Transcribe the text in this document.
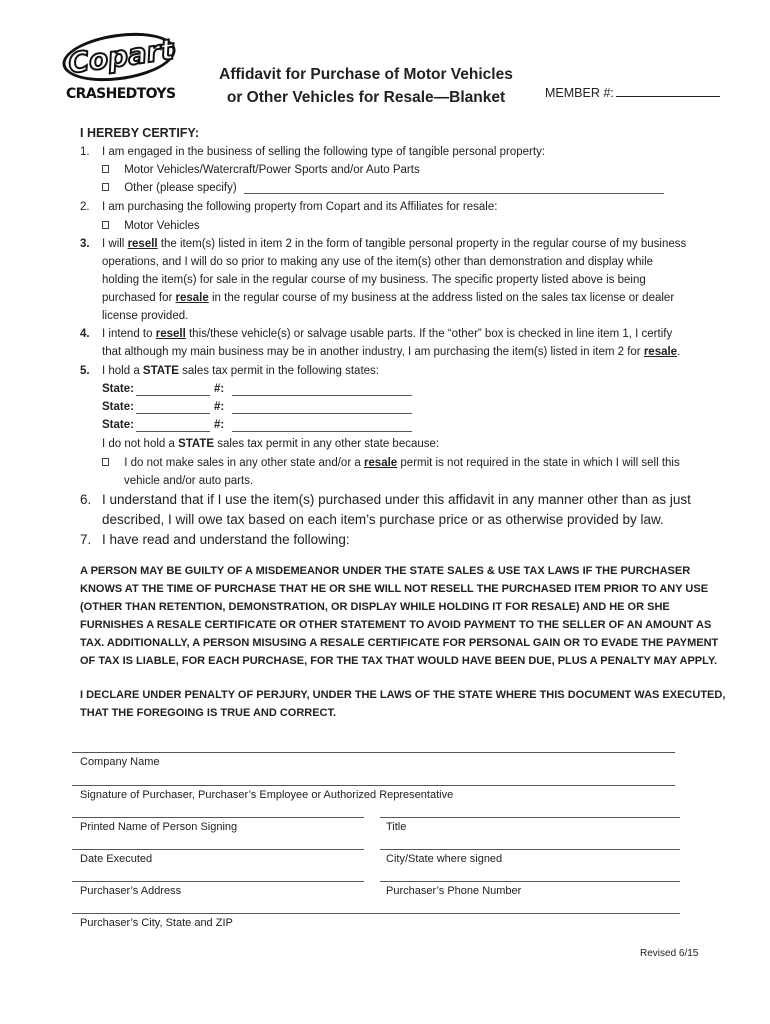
Copart
CRASHEDTOYS
Affidavit for Purchase of Motor Vehicles
or Other Vehicles for Resale—Blanket	MEMBER #:
I HEREBY CERTIFY:
1. I am engaged in the business of selling the following type of tangible personal property:
Motor Vehicles/Watercraft/Power Sports and/or Auto Parts
Other (please specify)
2. I am purchasing the following property from Copart and its Affiliates for resale:
Motor Vehicles
3. I will resell the item(s) listed in item 2 in the form of tangible personal property in the regular course of my business
operations, and I will do so prior to making any use of the item(s) other than demonstration and display while
holding the item(s) for sale in the regular course of my business. The specific property listed above is being
purchased for resale in the regular course of my business at the address listed on the sales tax license or dealer
license provided.
4. I intend to resell this/these vehicle(s) or salvage usable parts. If the “other” box is checked in line item 1, I certify
that although my main business may be in another industry, I am purchasing the item(s) listed in item 2 for resale.
5. I hold a STATE sales tax permit in the following states:
State:	#:
State:	#:
State:	#:
I do not hold a STATE sales tax permit in any other state because:
I do not make sales in any other state and/or a resale permit is not required in the state in which I will sell this
vehicle and/or auto parts.
6. I understand that if I use the item(s) purchased under this affidavit in any manner other than as just
described, I will owe tax based on each item’s purchase price or as otherwise provided by law.
7. I have read and understand the following:
A PERSON MAY BE GUILTY OF A MISDEMEANOR UNDER THE STATE SALES & USE TAX LAWS IF THE PURCHASER
KNOWS AT THE TIME OF PURCHASE THAT HE OR SHE WILL NOT RESELL THE PURCHASED ITEM PRIOR TO ANY USE
(OTHER THAN RETENTION, DEMONSTRATION, OR DISPLAY WHILE HOLDING IT FOR RESALE) AND HE OR SHE
FURNISHES A RESALE CERTIFICATE OR OTHER STATEMENT TO AVOID PAYMENT TO THE SELLER OF AN AMOUNT AS
TAX. ADDITIONALLY, A PERSON MISUSING A RESALE CERTIFICATE FOR PERSONAL GAIN OR TO EVADE THE PAYMENT
OF TAX IS LIABLE, FOR EACH PURCHASE, FOR THE TAX THAT WOULD HAVE BEEN DUE, PLUS A PENALTY MAY APPLY.
I DECLARE UNDER PENALTY OF PERJURY, UNDER THE LAWS OF THE STATE WHERE THIS DOCUMENT WAS EXECUTED,
THAT THE FOREGOING IS TRUE AND CORRECT.
Company Name
Signature of Purchaser, Purchaser’s Employee or Authorized Representative
Printed Name of Person Signing	Title
Date Executed	City/State where signed
Purchaser’s Address	Purchaser’s Phone Number
Purchaser’s City, State and ZIP
Revised 6/15
